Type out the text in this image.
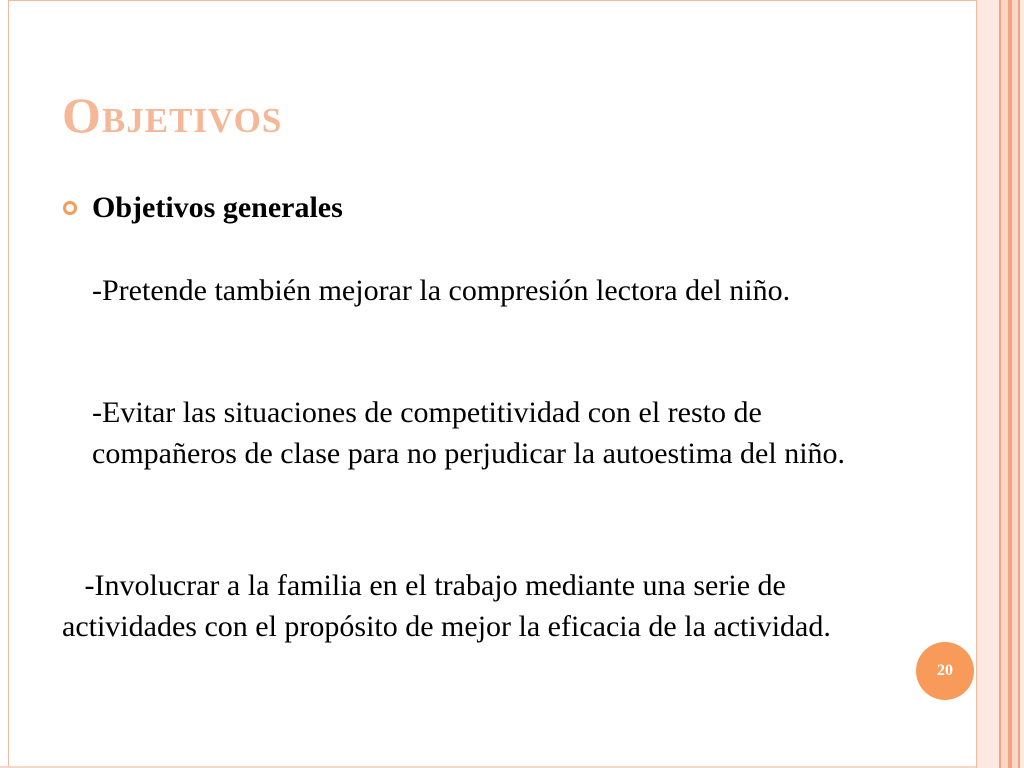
Objetivos
Objetivos generales

-Pretende también mejorar la compresión lectora del niño.

-Evitar las situaciones de competitividad con el resto de compañeros de clase para no perjudicar la autoestima del niño.

-Involucrar a la familia en el trabajo mediante una serie de actividades con el propósito de mejor la eficacia de la actividad.

20
